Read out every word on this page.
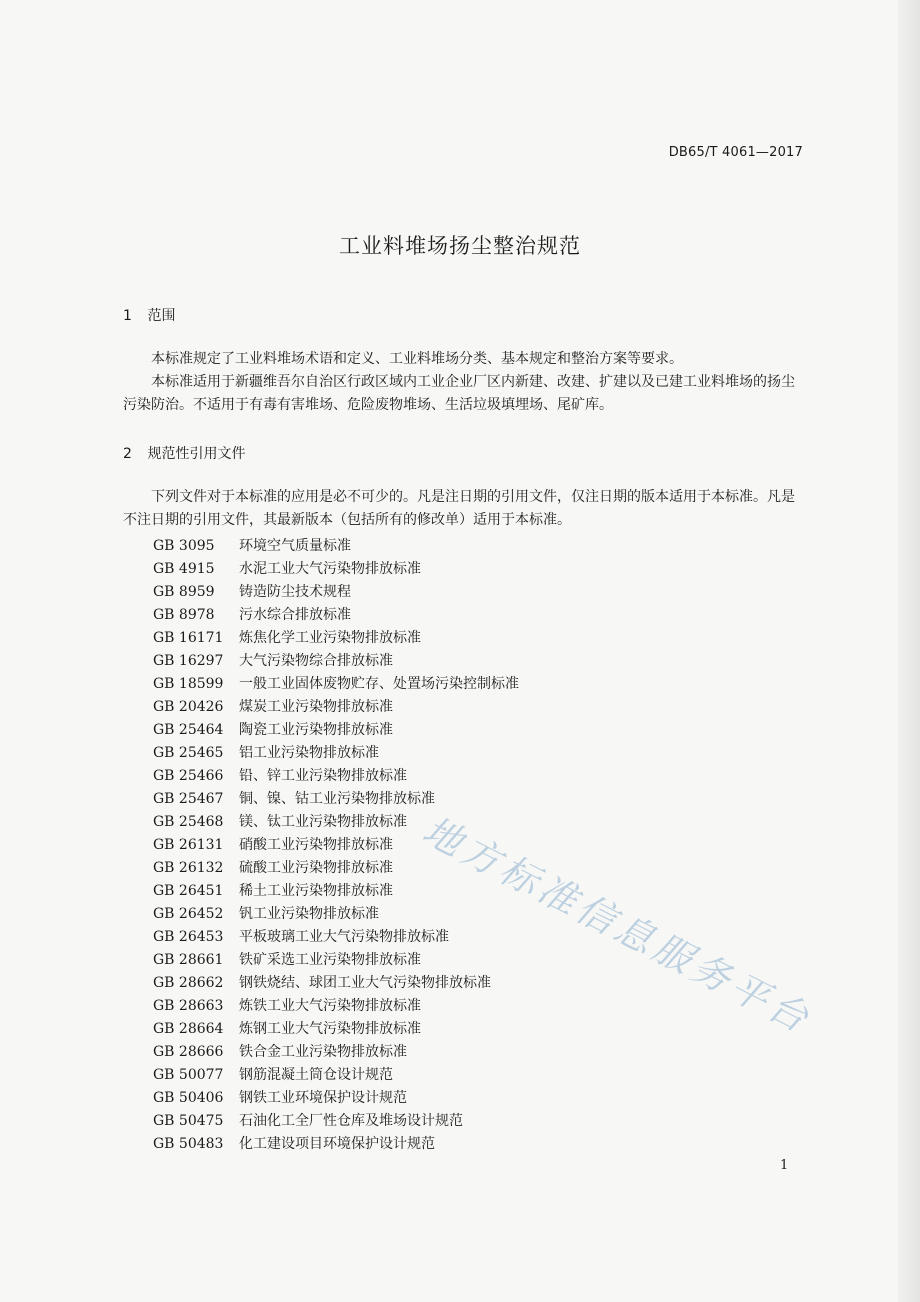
DB65/T 4061—2017
工业料堆场扬尘整治规范
1 范围

本标准规定了工业料堆场术语和定义、工业料堆场分类、基本规定和整治方案等要求。

本标准适用于新疆维吾尔自治区行政区域内工业企业厂区内新建、改建、扩建以及已建工业料堆场的扬尘污染防治。不适用于有毒有害堆场、危险废物堆场、生活垃圾填埋场、尾矿库。

2 规范性引用文件

下列文件对于本标准的应用是必不可少的。凡是注日期的引用文件，仅注日期的版本适用于本标准。凡是不注日期的引用文件，其最新版本（包括所有的修改单）适用于本标准。

GB 3095 环境空气质量标准
GB 4915 水泥工业大气污染物排放标准
GB 8959 铸造防尘技术规程
GB 8978 污水综合排放标准
GB 16171 炼焦化学工业污染物排放标准
GB 16297 大气污染物综合排放标准
GB 18599 一般工业固体废物贮存、处置场污染控制标准
GB 20426 煤炭工业污染物排放标准
GB 25464 陶瓷工业污染物排放标准
GB 25465 铝工业污染物排放标准
GB 25466 铅、锌工业污染物排放标准
GB 25467 铜、镍、钴工业污染物排放标准
GB 25468 镁、钛工业污染物排放标准
GB 26131 硝酸工业污染物排放标准
GB 26132 硫酸工业污染物排放标准
GB 26451 稀土工业污染物排放标准
GB 26452 钒工业污染物排放标准
GB 26453 平板玻璃工业大气污染物排放标准
GB 28661 铁矿采选工业污染物排放标准
GB 28662 钢铁烧结、球团工业大气污染物排放标准
GB 28663 炼铁工业大气污染物排放标准
GB 28664 炼钢工业大气污染物排放标准
GB 28666 铁合金工业污染物排放标准
GB 50077 钢筋混凝土筒仓设计规范
GB 50406 钢铁工业环境保护设计规范
GB 50475 石油化工全厂性仓库及堆场设计规范
GB 50483 化工建设项目环境保护设计规范
地方标准信息服务平台
1
